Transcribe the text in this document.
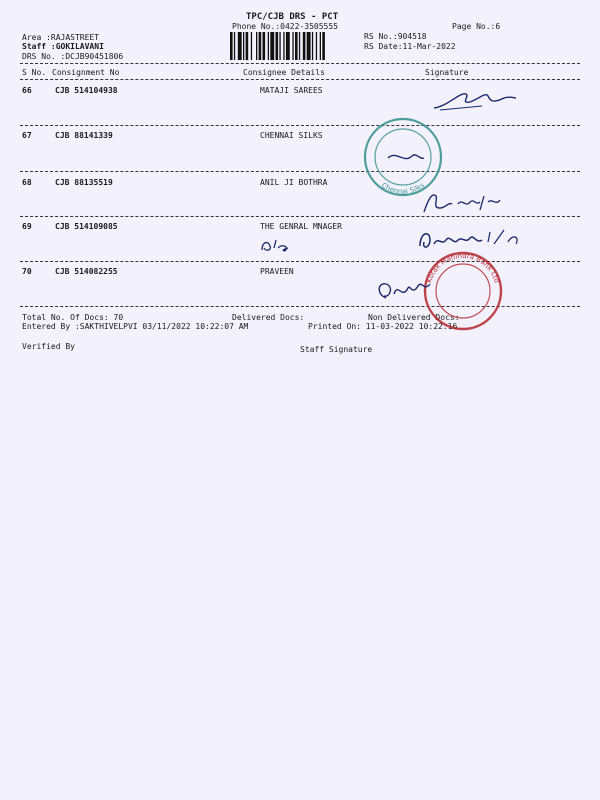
TPC/CJB DRS - PCT
Phone No.:0422-3505555	Page No.:6
Area :RAJASTREET
Staff :GOKILAVANI
DRS No. :DCJB90451806
RS No.:904518
RS Date:11-Mar-2022
S No. Consignment No	Consignee Details	Signature
66	CJB 514104938	MATAJI SAREES
67	CJB 88141339	CHENNAI SILKS
68	CJB 88135519	ANIL JI BOTHRA
69	CJB 514109085	THE GENRAL MNAGER
70	CJB 514082255	PRAVEEN
Total No. Of Docs: 70	Delivered Docs:	Non Delivered Docs:
Entered By :SAKTHIVELPVI 03/11/2022 10:22:07 AM	Printed On: 11-03-2022 10:22:16
Verified By	Staff Signature
Chennai Silks
Kotak Mahindra Bank Ltd
